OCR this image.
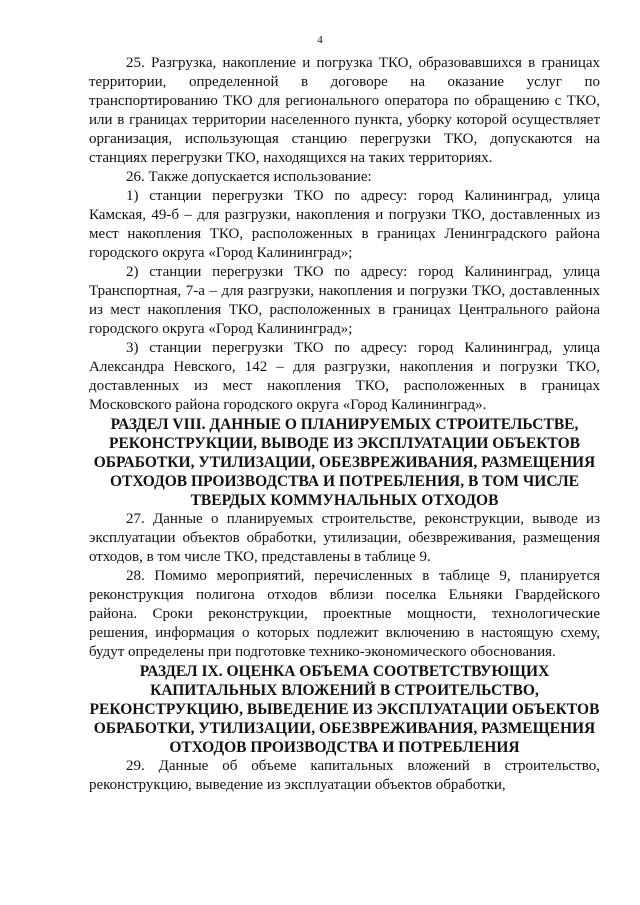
4

25. Разгрузка, накопление и погрузка ТКО, образовавшихся в границах территории, определенной в договоре на оказание услуг по транспортированию ТКО для регионального оператора по обращению с ТКО, или в границах территории населенного пункта, уборку которой осуществляет организация, использующая станцию перегрузки ТКО, допускаются на станциях перегрузки ТКО, находящихся на таких территориях.

26. Также допускается использование:

1) станции перегрузки ТКО по адресу: город Калининград, улица Камская, 49-б – для разгрузки, накопления и погрузки ТКО, доставленных из мест накопления ТКО, расположенных в границах Ленинградского района городского округа «Город Калининград»;

2) станции перегрузки ТКО по адресу: город Калининград, улица Транспортная, 7-а – для разгрузки, накопления и погрузки ТКО, доставленных из мест накопления ТКО, расположенных в границах Центрального района городского округа «Город Калининград»;

3) станции перегрузки ТКО по адресу: город Калининград, улица Александра Невского, 142 – для разгрузки, накопления и погрузки ТКО, доставленных из мест накопления ТКО, расположенных в границах Московского района городского округа «Город Калининград».

РАЗДЕЛ VIII. ДАННЫЕ О ПЛАНИРУЕМЫХ СТРОИТЕЛЬСТВЕ, РЕКОНСТРУКЦИИ, ВЫВОДЕ ИЗ ЭКСПЛУАТАЦИИ ОБЪЕКТОВ ОБРАБОТКИ, УТИЛИЗАЦИИ, ОБЕЗВРЕЖИВАНИЯ, РАЗМЕЩЕНИЯ ОТХОДОВ ПРОИЗВОДСТВА И ПОТРЕБЛЕНИЯ, В ТОМ ЧИСЛЕ ТВЕРДЫХ КОММУНАЛЬНЫХ ОТХОДОВ

27. Данные о планируемых строительстве, реконструкции, выводе из эксплуатации объектов обработки, утилизации, обезвреживания, размещения отходов, в том числе ТКО, представлены в таблице 9.

28. Помимо мероприятий, перечисленных в таблице 9, планируется реконструкция полигона отходов вблизи поселка Ельняки Гвардейского района. Сроки реконструкции, проектные мощности, технологические решения, информация о которых подлежит включению в настоящую схему, будут определены при подготовке технико-экономического обоснования.

РАЗДЕЛ IX. ОЦЕНКА ОБЪЕМА СООТВЕТСТВУЮЩИХ КАПИТАЛЬНЫХ ВЛОЖЕНИЙ В СТРОИТЕЛЬСТВО, РЕКОНСТРУКЦИЮ, ВЫВЕДЕНИЕ ИЗ ЭКСПЛУАТАЦИИ ОБЪЕКТОВ ОБРАБОТКИ, УТИЛИЗАЦИИ, ОБЕЗВРЕЖИВАНИЯ, РАЗМЕЩЕНИЯ ОТХОДОВ ПРОИЗВОДСТВА И ПОТРЕБЛЕНИЯ

29. Данные об объеме капитальных вложений в строительство, реконструкцию, выведение из эксплуатации объектов обработки,
